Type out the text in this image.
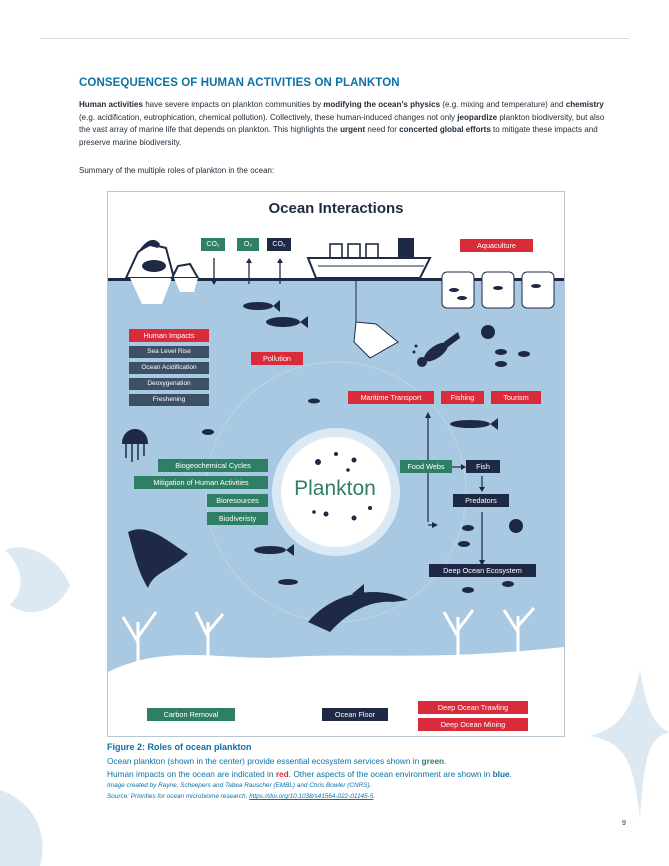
CONSEQUENCES OF HUMAN ACTIVITIES ON PLANKTON

Human activities have severe impacts on plankton communities by modifying the ocean’s physics (e.g. mixing and temperature) and chemistry (e.g. acidification, eutrophication, chemical pollution). Collectively, these human-induced changes not only jeopardize plankton biodiversity, but also the vast array of marine life that depends on plankton. This highlights the urgent need for concerted global efforts to mitigate these impacts and preserve marine biodiversity.

Summary of the multiple roles of plankton in the ocean:

Ocean Interactions
CO₂	O₂	CO₂	Aquaculture
Human Impacts
Sea Level Rise
Ocean Acidification
Deoxygenation
Freshening
Pollution
Maritime Transport	Fishing	Tourism
Biogeochemical Cycles
Mitigation of Human Activities
Bioresources
Biodiveristy
Plankton
Food Webs	Fish
Predators
Deep Ocean Ecosystem
Carbon Removal	Ocean Floor
Deep Ocean Trawling
Deep Ocean Mining

Figure 2: Roles of ocean plankton

Ocean plankton (shown in the center) provide essential ecosystem services shown in green.

Human impacts on the ocean are indicated in red. Other aspects of the ocean environment are shown in blue.

Image created by Rayne, Scheepers and Tabea Rauscher (EMBL) and Chris Bowler (CNRS).

Source: Priorities for ocean microbiome research, https://doi.org/10.1038/s41564-022-01145-5.

9
